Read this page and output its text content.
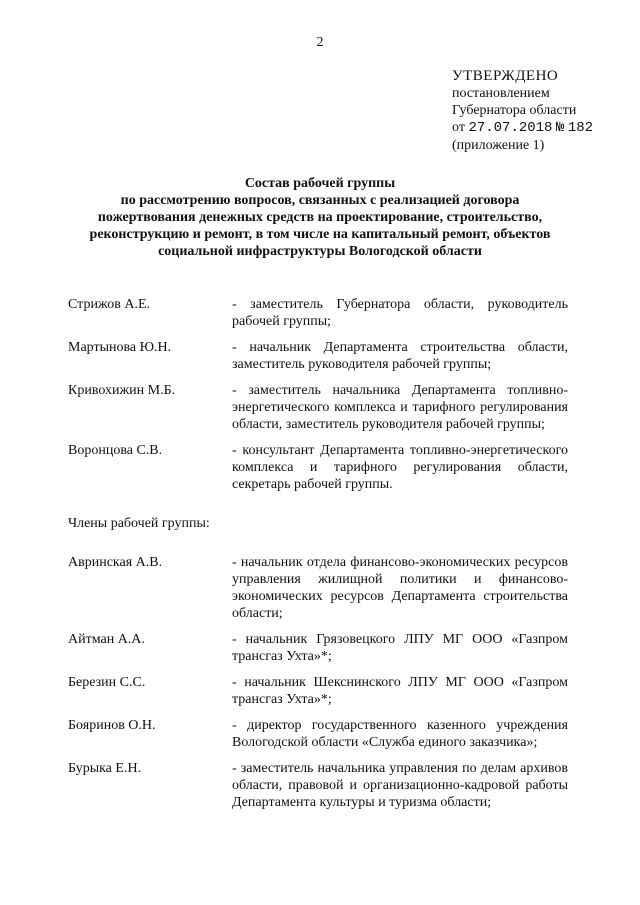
2
УТВЕРЖДЕНО
постановлением
Губернатора области
от 27.07.2018 № 182
(приложение 1)
Состав рабочей группы
по рассмотрению вопросов, связанных с реализацией договора
пожертвования денежных средств на проектирование, строительство,
реконструкцию и ремонт, в том числе на капитальный ремонт, объектов
социальной инфраструктуры Вологодской области
Стрижов А.Е.	- заместитель Губернатора области, руководитель рабочей группы;
Мартынова Ю.Н.	- начальник Департамента строительства области, заместитель руководителя рабочей группы;
Кривохижин М.Б.	- заместитель начальника Департамента топливно-энергетического комплекса и тарифного регулирования области, заместитель руководителя рабочей группы;
Воронцова С.В.	- консультант Департамента топливно-энергетического комплекса и тарифного регулирования области, секретарь рабочей группы.
Члены рабочей группы:
Авринская А.В.	- начальник отдела финансово-экономических ресурсов управления жилищной политики и финансово-экономических ресурсов Департамента строительства области;
Айтман А.А.	- начальник Грязовецкого ЛПУ МГ ООО «Газпром трансгаз Ухта»*;
Березин С.С.	- начальник Шекснинского ЛПУ МГ ООО «Газпром трансгаз Ухта»*;
Бояринов О.Н.	- директор государственного казенного учреждения Вологодской области «Служба единого заказчика»;
Бурыка Е.Н.	- заместитель начальника управления по делам архивов области, правовой и организационно-кадровой работы Департамента культуры и туризма области;
